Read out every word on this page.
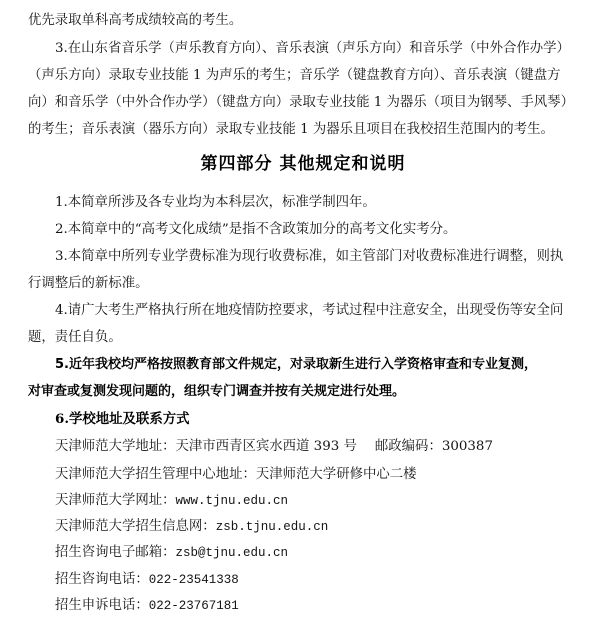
优先录取单科高考成绩较高的考生。
3.在山东省音乐学（声乐教育方向）、音乐表演（声乐方向）和音乐学（中外合作办学）
（声乐方向）录取专业技能 1 为声乐的考生；音乐学（键盘教育方向）、音乐表演（键盘方
向）和音乐学（中外合作办学）（键盘方向）录取专业技能 1 为器乐（项目为钢琴、手风琴）
的考生；音乐表演（器乐方向）录取专业技能 1 为器乐且项目在我校招生范围内的考生。
第四部分 其他规定和说明
1.本简章所涉及各专业均为本科层次，标准学制四年。
2.本简章中的“高考文化成绩”是指不含政策加分的高考文化实考分。
3.本简章中所列专业学费标准为现行收费标准，如主管部门对收费标准进行调整，则执
行调整后的新标准。
4.请广大考生严格执行所在地疫情防控要求，考试过程中注意安全，出现受伤等安全问
题，责任自负。
5.近年我校均严格按照教育部文件规定，对录取新生进行入学资格审查和专业复测，
对审查或复测发现问题的，组织专门调查并按有关规定进行处理。
6.学校地址及联系方式
天津师范大学地址：天津市西青区宾水西道 393 号 邮政编码：300387
天津师范大学招生管理中心地址：天津师范大学研修中心二楼
天津师范大学网址：www.tjnu.edu.cn
天津师范大学招生信息网：zsb.tjnu.edu.cn
招生咨询电子邮箱：zsb@tjnu.edu.cn
招生咨询电话：022-23541338
招生申诉电话：022-23767181
